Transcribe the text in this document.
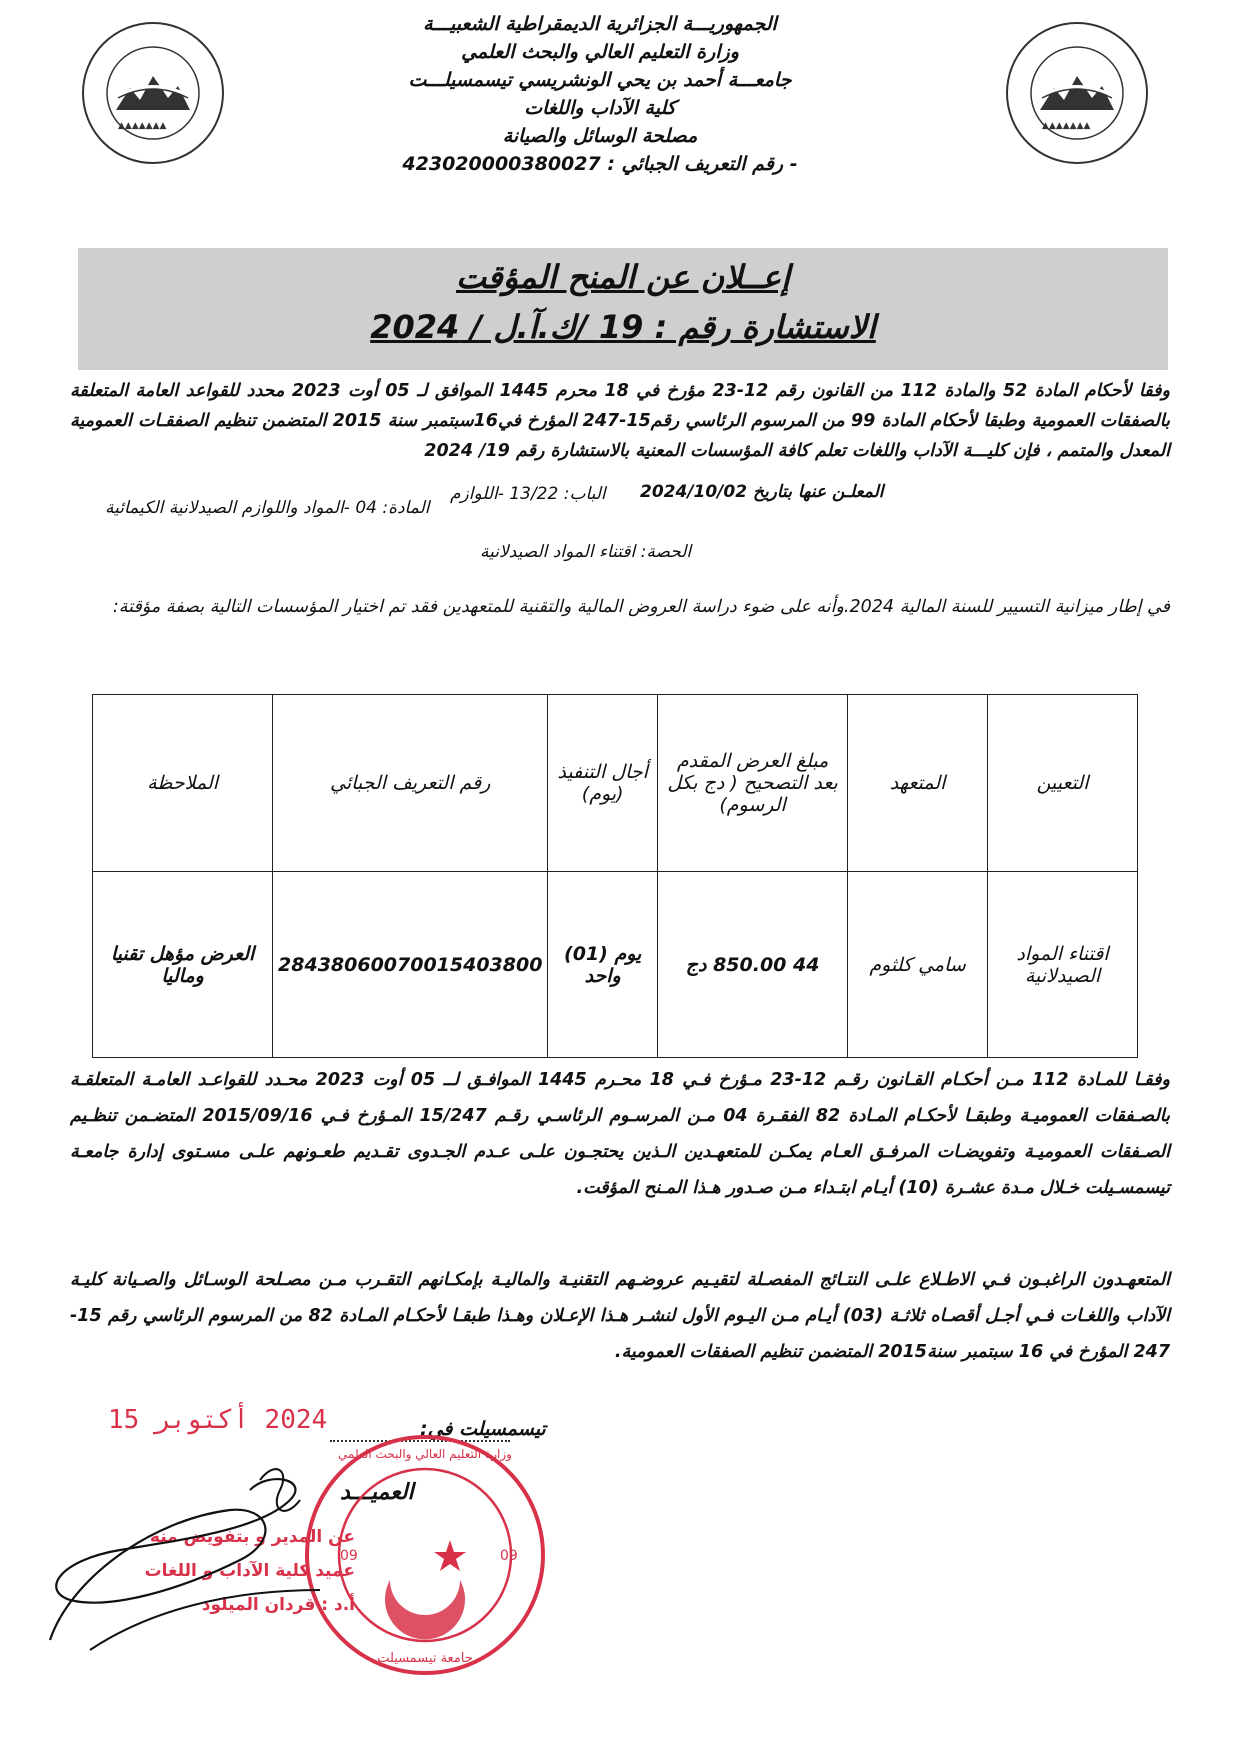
▲▲▲▲▲▲▲	▲▲▲▲▲▲▲
الجمهوريـــة الجزائرية الديمقراطية الشعبيـــة
وزارة التعليم العالي والبحث العلمي
جامعـــة أحمد بن يحي الونشريسي تيسمسيلـــت
كلية الآداب واللغات
مصلحة الوسائل والصيانة
- رقم التعريف الجبائي : 423020000380027
إعــلان عن المنح المؤقت
الاستشارة رقم : 19 /ك.آ.ل / 2024
وفقا لأحكام المادة 52 والمادة 112 من القانون رقم 12-23 مؤرخ في 18 محرم 1445 الموافق لـ 05 أوت 2023 محدد للقواعد العامة المتعلقة بالصفقات العمومية وطبقا لأحكام المادة 99 من المرسوم الرئاسي رقم15-247 المؤرخ في16سبتمبر سنة 2015 المتضمن تنظيم الصفقـات العمومية المعدل والمتمم ، فإن كليـــة الآداب واللغات تعلم كافة المؤسسات المعنية بالاستشارة رقم 19/ 2024
المعلـن عنها بتاريخ 2024/10/02
الباب: 13/22 -اللوازم
المادة: 04 -المواد واللوازم الصيدلانية الكيمائية
الحصة: اقتناء المواد الصيدلانية
في إطار ميزانية التسيير للسنة المالية 2024.وأنه على ضوء دراسة العروض المالية والتقنية للمتعهدين فقد تم اختيار المؤسسات التالية بصفة مؤقتة:
التعيين	المتعهد	مبلغ العرض المقدم بعد التصحيح ( دج بكل الرسوم)	أجال التنفيذ (يوم)	رقم التعريف الجبائي	الملاحظة
اقتناء المواد الصيدلانية	سامي كلثوم	44 850.00 دج	يوم (01) واحد	28438060070015403800	العرض مؤهل تقنيا وماليا
وفقـا للمـادة 112 مـن أحكـام القـانون رقـم 12-23 مـؤرخ فـي 18 محـرم 1445 الموافـق لــ 05 أوت 2023 محـدد للقواعـد العامـة المتعلقـة بالصـفقات العموميـة وطبقـا لأحكـام المـادة 82 الفقـرة 04 مـن المرسـوم الرئاسـي رقـم 15/247 المـؤرخ فـي 2015/09/16 المتضـمن تنظـيم الصـفقات العموميـة وتفويضـات المرفـق العـام يمكـن للمتعهـدين الـذين يحتجـون علـى عـدم الجـدوى تقـديم طعـونهم علـى مسـتوى إدارة جامعـة تيسمسـيلت خـلال مـدة عشـرة (10) أيـام ابتـداء مـن صـدور هـذا المـنح المؤقت.
المتعهـدون الراغبـون فـي الاطـلاع علـى النتـائج المفصـلة لتقيـيم عروضـهم التقنيـة والماليـة بإمكـانهم التقـرب مـن مصـلحة الوسـائل والصـيانة كليـة الآداب واللغـات فـي أجـل أقصـاه ثلاثـة (03) أيـام مـن اليـوم الأول لنشـر هـذا الإعـلان وهـذا طبقـا لأحكـام المـادة 82 من المرسوم الرئاسي رقم 15-247 المؤرخ في 16 سبتمبر سنة2015 المتضمن تنظيم الصفقات العمومية.
تيسمسيلت في:
2024 أكتوبر 15
العميـــد
09	09
وزارة التعليم العالي والبحث العلمي
جامعة تيسمسيلت
عن المدير و بتفويض منه
عميد كلية الآداب و اللغات
أ.د : قردان الميلود
